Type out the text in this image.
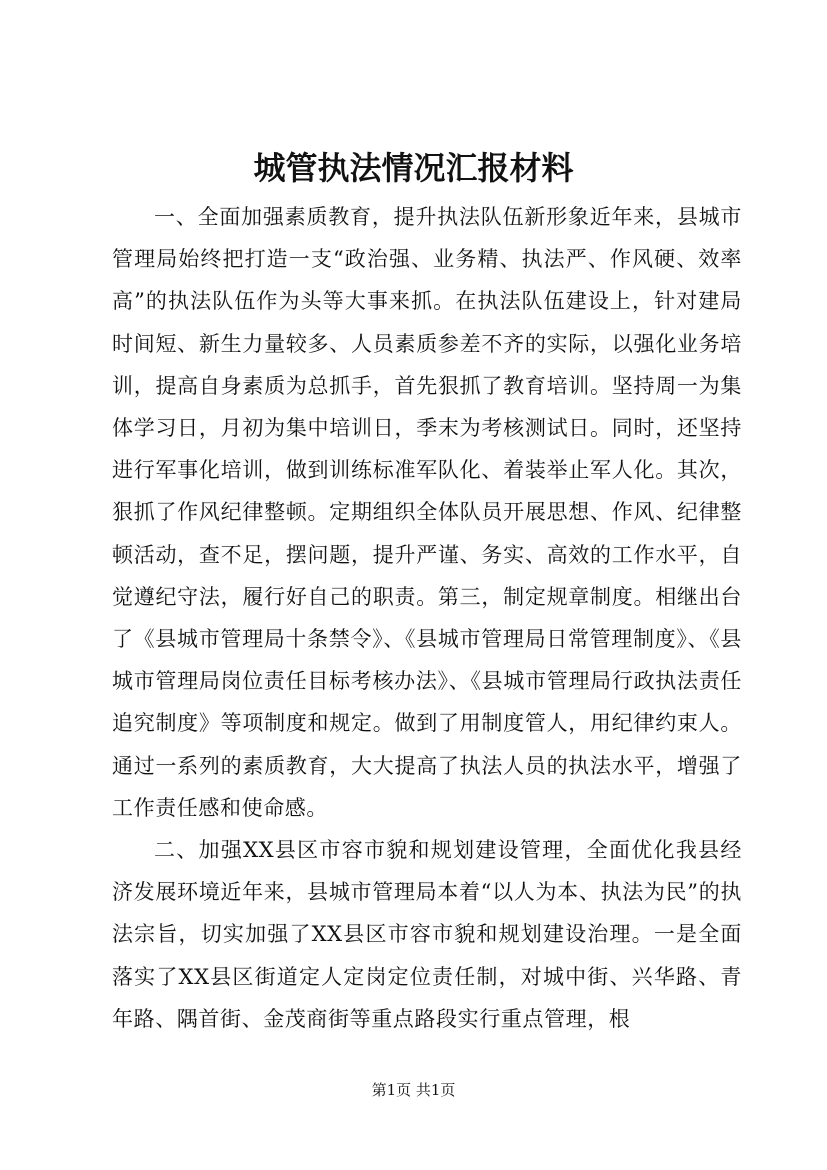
城管执法情况汇报材料

一、全面加强素质教育，提升执法队伍新形象近年来，县城市管理局始终把打造一支“政治强、业务精、执法严、作风硬、效率高”的执法队伍作为头等大事来抓。在执法队伍建设上，针对建局时间短、新生力量较多、人员素质参差不齐的实际，以强化业务培训，提高自身素质为总抓手，首先狠抓了教育培训。坚持周一为集体学习日，月初为集中培训日，季末为考核测试日。同时，还坚持进行军事化培训，做到训练标准军队化、着装举止军人化。其次，狠抓了作风纪律整顿。定期组织全体队员开展思想、作风、纪律整顿活动，查不足，摆问题，提升严谨、务实、高效的工作水平，自觉遵纪守法，履行好自己的职责。第三，制定规章制度。相继出台了《县城市管理局十条禁令》、《县城市管理局日常管理制度》、《县城市管理局岗位责任目标考核办法》、《县城市管理局行政执法责任追究制度》等项制度和规定。做到了用制度管人，用纪律约束人。通过一系列的素质教育，大大提高了执法人员的执法水平，增强了工作责任感和使命感。

二、加强XX县区市容市貌和规划建设管理，全面优化我县经济发展环境近年来，县城市管理局本着“以人为本、执法为民”的执法宗旨，切实加强了XX县区市容市貌和规划建设治理。一是全面落实了XX县区街道定人定岗定位责任制，对城中街、兴华路、青年路、隅首街、金茂商街等重点路段实行重点管理，根

第1页 共1页
